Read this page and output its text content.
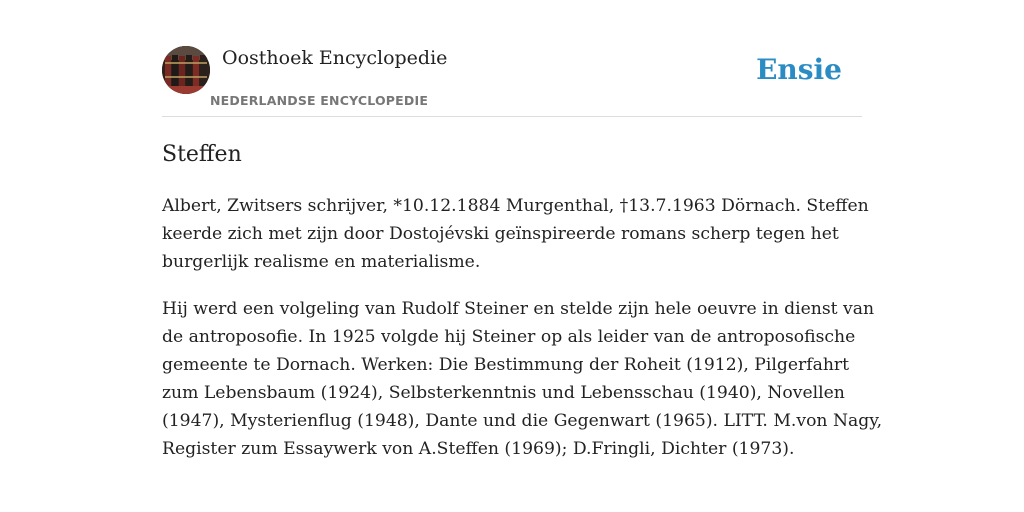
Oosthoek Encyclopedie
NEDERLANDSE ENCYCLOPEDIE
Ensie
Steffen

Albert, Zwitsers schrijver, *10.12.1884 Murgenthal, †13.7.1963 Dörnach. Steffen
keerde zich met zijn door Dostojévski geïnspireerde romans scherp tegen het
burgerlijk realisme en materialisme.

Hij werd een volgeling van Rudolf Steiner en stelde zijn hele oeuvre in dienst van
de antroposofie. In 1925 volgde hij Steiner op als leider van de antroposofische
gemeente te Dornach. Werken: Die Bestimmung der Roheit (1912), Pilgerfahrt
zum Lebensbaum (1924), Selbsterkenntnis und Lebensschau (1940), Novellen
(1947), Mysterienflug (1948), Dante und die Gegenwart (1965). LITT. M.von Nagy,
Register zum Essaywerk von A.Steffen (1969); D.Fringli, Dichter (1973).
